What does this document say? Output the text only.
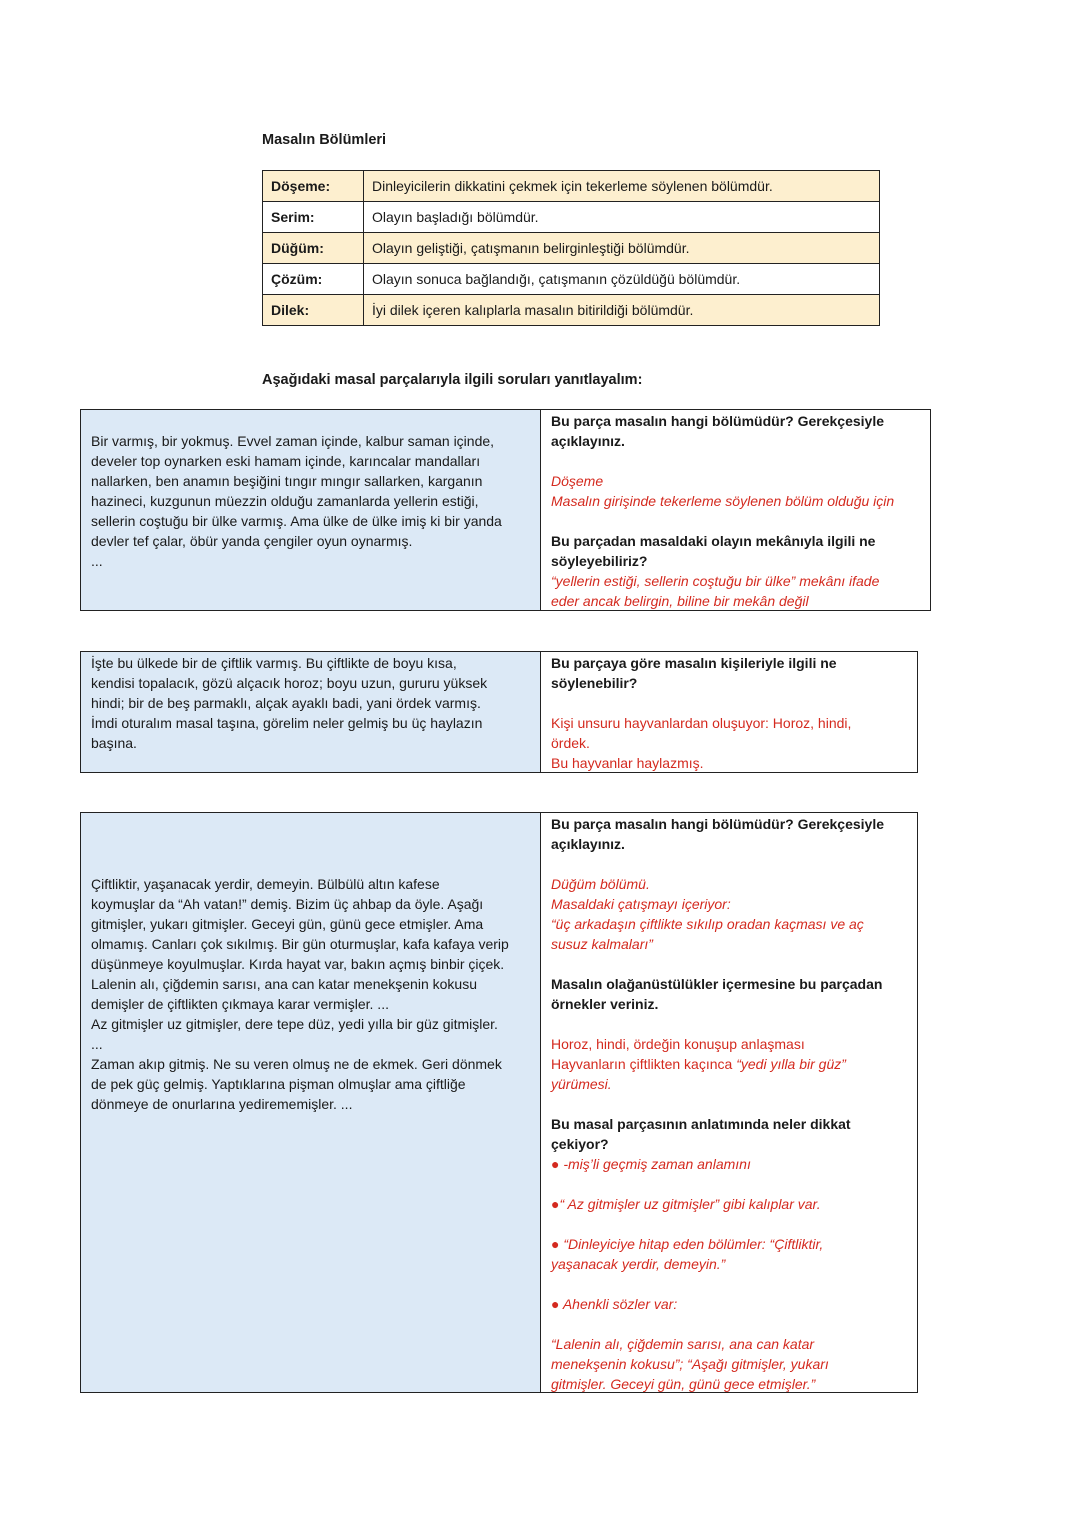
Masalın Bölümleri
Döşeme:	Dinleyicilerin dikkatini çekmek için tekerleme söylenen bölümdür.
Serim:	Olayın başladığı bölümdür.
Düğüm:	Olayın geliştiği, çatışmanın belirginleştiği bölümdür.
Çözüm:	Olayın sonuca bağlandığı, çatışmanın çözüldüğü bölümdür.
Dilek:	İyi dilek içeren kalıplarla masalın bitirildiği bölümdür.
Aşağıdaki masal parçalarıyla ilgili soruları yanıtlayalım:
Bir varmış, bir yokmuş. Evvel zaman içinde, kalbur saman içinde,
develer top oynarken eski hamam içinde, karıncalar mandalları
nallarken, ben anamın beşiğini tıngır mıngır sallarken, karganın
hazineci, kuzgunun müezzin olduğu zamanlarda yellerin estiği,
sellerin coştuğu bir ülke varmış. Ama ülke de ülke imiş ki bir yanda
devler tef çalar, öbür yanda çengiler oyun oynarmış.
...
Bu parça masalın hangi bölümüdür? Gerekçesiyle
açıklayınız.
Döşeme
Masalın girişinde tekerleme söylenen bölüm olduğu için
Bu parçadan masaldaki olayın mekânıyla ilgili ne
söyleyebiliriz?
“yellerin estiği, sellerin coştuğu bir ülke” mekânı ifade
eder ancak belirgin, biline bir mekân değil
İşte bu ülkede bir de çiftlik varmış. Bu çiftlikte de boyu kısa,
kendisi topalacık, gözü alçacık horoz; boyu uzun, gururu yüksek
hindi; bir de beş parmaklı, alçak ayaklı badi, yani ördek varmış.
İmdi oturalım masal taşına, görelim neler gelmiş bu üç haylazın
başına.
Bu parçaya göre masalın kişileriyle ilgili ne
söylenebilir?
Kişi unsuru hayvanlardan oluşuyor: Horoz, hindi,
ördek.
Bu hayvanlar haylazmış.
Çiftliktir, yaşanacak yerdir, demeyin. Bülbülü altın kafese
koymuşlar da “Ah vatan!” demiş. Bizim üç ahbap da öyle. Aşağı
gitmişler, yukarı gitmişler. Geceyi gün, günü gece etmişler. Ama
olmamış. Canları çok sıkılmış. Bir gün oturmuşlar, kafa kafaya verip
düşünmeye koyulmuşlar. Kırda hayat var, bakın açmış binbir çiçek.
Lalenin alı, çiğdemin sarısı, ana can katar menekşenin kokusu
demişler de çiftlikten çıkmaya karar vermişler. ...
Az gitmişler uz gitmişler, dere tepe düz, yedi yılla bir güz gitmişler.
...
Zaman akıp gitmiş. Ne su veren olmuş ne de ekmek. Geri dönmek
de pek güç gelmiş. Yaptıklarına pişman olmuşlar ama çiftliğe
dönmeye de onurlarına yedirememişler. ...
Bu parça masalın hangi bölümüdür? Gerekçesiyle
açıklayınız.
Düğüm bölümü.
Masaldaki çatışmayı içeriyor:
“üç arkadaşın çiftlikte sıkılıp oradan kaçması ve aç
susuz kalmaları”
Masalın olağanüstülükler içermesine bu parçadan
örnekler veriniz.
Horoz, hindi, ördeğin konuşup anlaşması
Hayvanların çiftlikten kaçınca “yedi yılla bir güz”
yürümesi.
Bu masal parçasının anlatımında neler dikkat
çekiyor?
● -miş’li geçmiş zaman anlamını
●“ Az gitmişler uz gitmişler” gibi kalıplar var.
● “Dinleyiciye hitap eden bölümler: “Çiftliktir,
yaşanacak yerdir, demeyin.”
● Ahenkli sözler var:
“Lalenin alı, çiğdemin sarısı, ana can katar
menekşenin kokusu”; “Aşağı gitmişler, yukarı
gitmişler. Geceyi gün, günü gece etmişler.”
